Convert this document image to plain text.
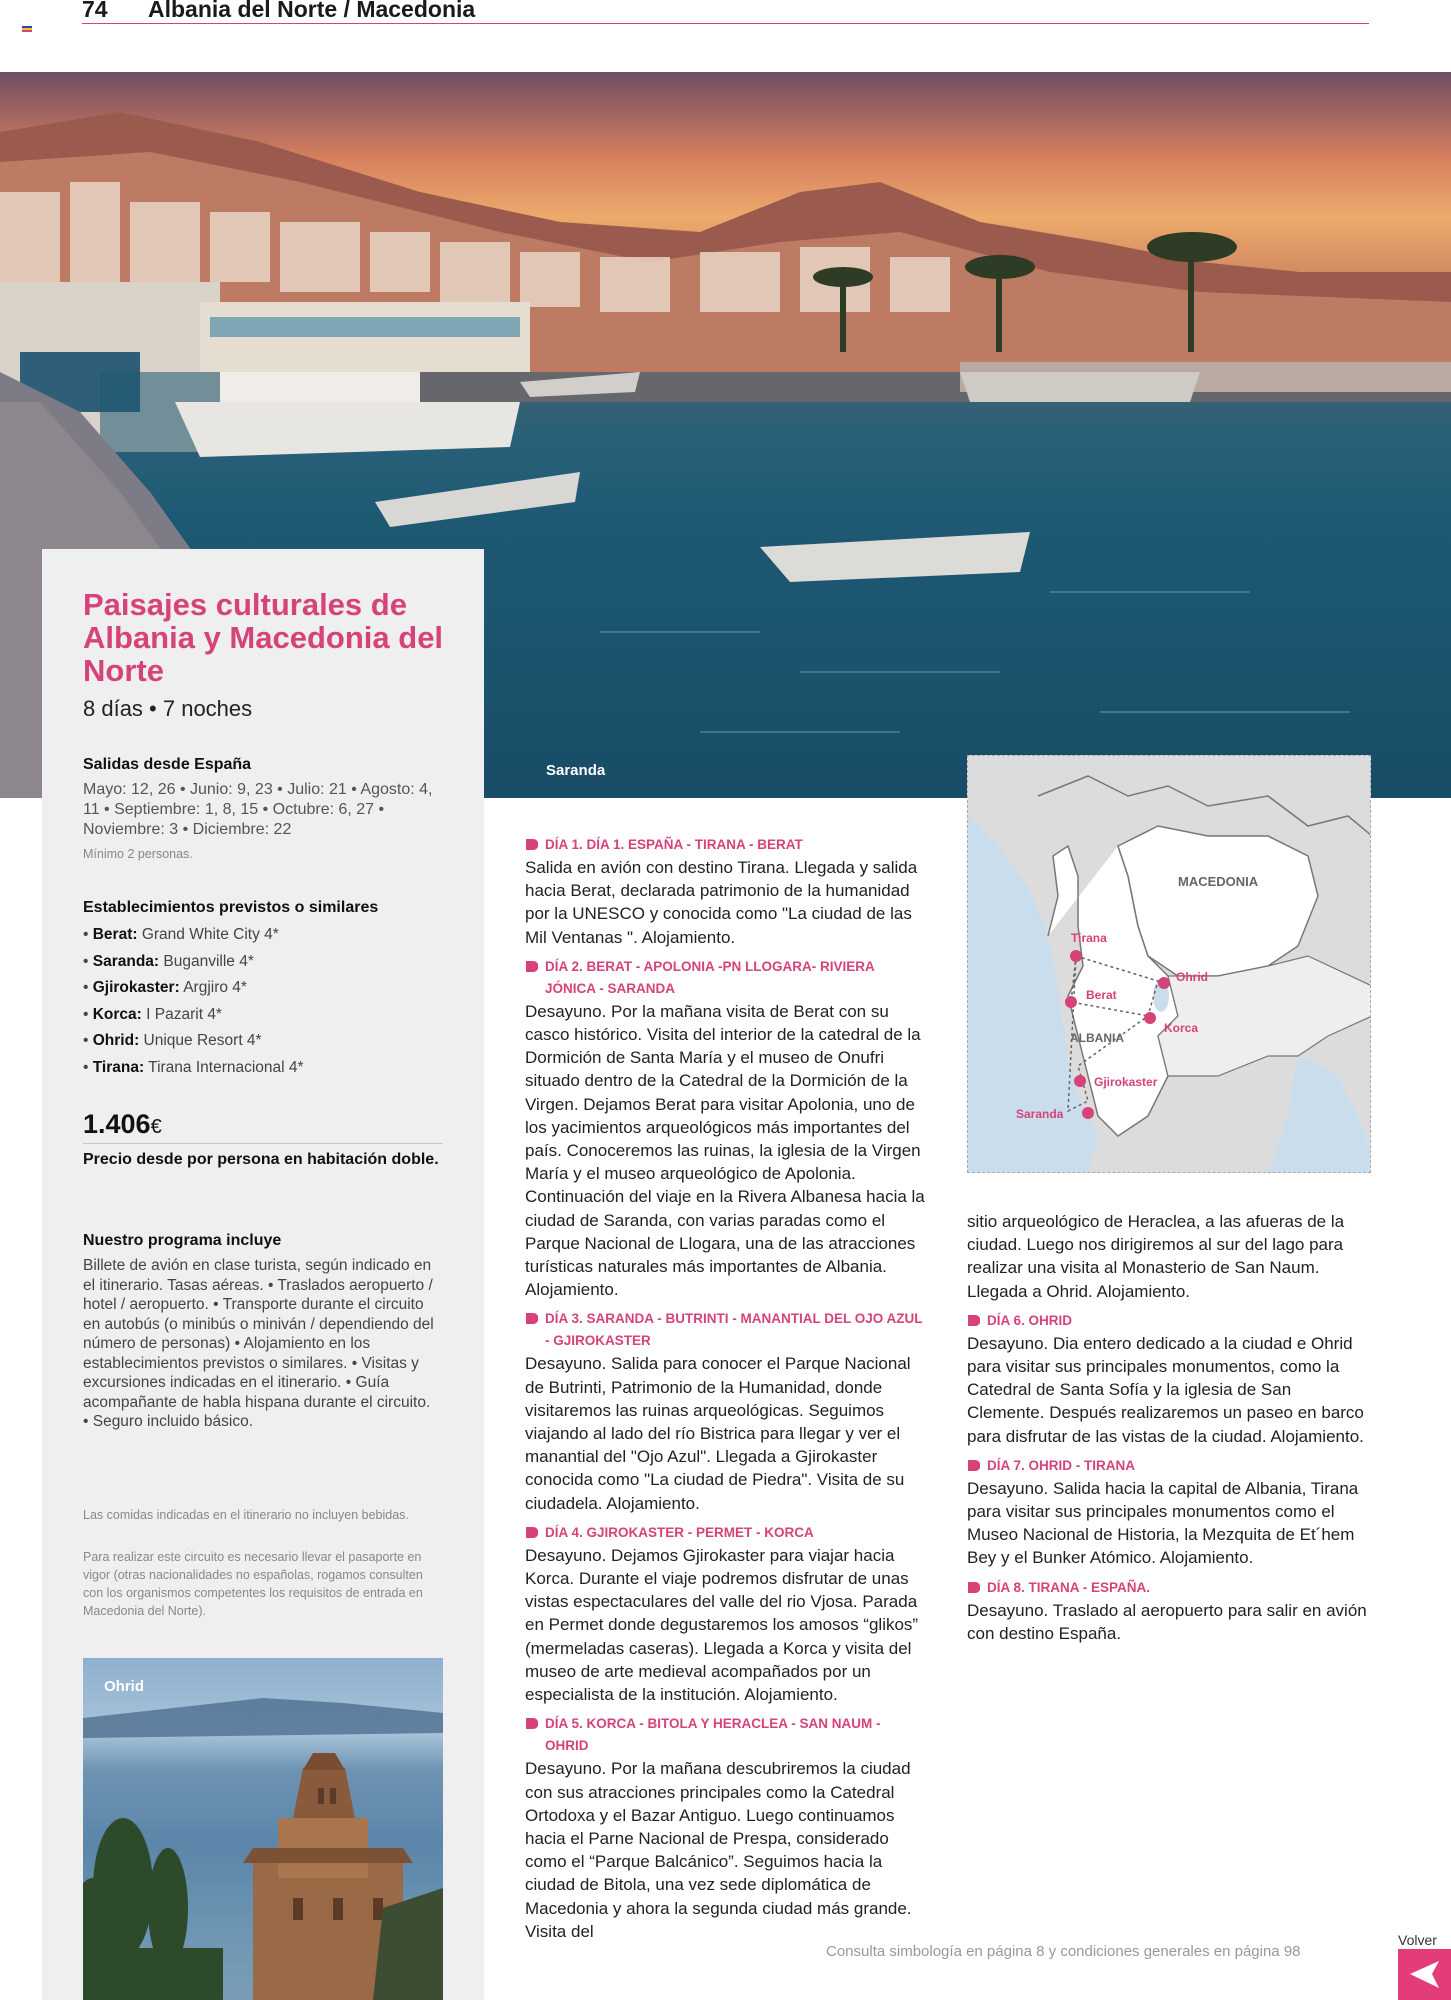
74 Albania del Norte / Macedonia
Saranda
Paisajes culturales de Albania y Macedonia del Norte
8 días • 7 noches
Salidas desde España
Mayo: 12, 26 • Junio: 9, 23 • Julio: 21 • Agosto: 4, 11 • Septiembre: 1, 8, 15 • Octubre: 6, 27 • Noviembre: 3 • Diciembre: 22
Mínimo 2 personas.
Establecimientos previstos o similares
• Berat: Grand White City 4*
• Saranda: Buganville 4*
• Gjirokaster: Argjiro 4*
• Korca: I Pazarit 4*
• Ohrid: Unique Resort 4*
• Tirana: Tirana Internacional 4*
1.406€
Precio desde por persona en habitación doble.
Nuestro programa incluye
Billete de avión en clase turista, según indicado en el itinerario. Tasas aéreas. • Traslados aeropuerto / hotel / aeropuerto. • Transporte durante el circuito en autobús (o minibús o miniván / dependiendo del número de personas) • Alojamiento en los establecimientos previstos o similares. • Visitas y excursiones indicadas en el itinerario. • Guía acompañante de habla hispana durante el circuito. • Seguro incluido básico.
Las comidas indicadas en el itinerario no incluyen bebidas.
Para realizar este circuito es necesario llevar el pasaporte en vigor (otras nacionalidades no españolas, rogamos consulten con los organismos competentes los requisitos de entrada en Macedonia del Norte).
Ohrid
DÍA 1. DÍA 1. ESPAÑA - TIRANA - BERAT
Salida en avión con destino Tirana. Llegada y salida hacia Berat, declarada patrimonio de la humanidad por la UNESCO y conocida como "La ciudad de las Mil Ventanas ". Alojamiento.
DÍA 2. BERAT - APOLONIA -PN LLOGARA- RIVIERA JÓNICA - SARANDA
Desayuno. Por la mañana visita de Berat con su casco histórico. Visita del interior de la catedral de la Dormición de Santa María y el museo de Onufri situado dentro de la Catedral de la Dormición de la Virgen. Dejamos Berat para visitar Apolonia, uno de los yacimientos arqueológicos más importantes del país. Conoceremos las ruinas, la iglesia de la Virgen María y el museo arqueológico de Apolonia. Continuación del viaje en la Rivera Albanesa hacia la ciudad de Saranda, con varias paradas como el Parque Nacional de Llogara, una de las atracciones turísticas naturales más importantes de Albania. Alojamiento.
DÍA 3. SARANDA - BUTRINTI - MANANTIAL DEL OJO AZUL - GJIROKASTER
Desayuno. Salida para conocer el Parque Nacional de Butrinti, Patrimonio de la Humanidad, donde visitaremos las ruinas arqueológicas. Seguimos viajando al lado del río Bistrica para llegar y ver el manantial del "Ojo Azul". Llegada a Gjirokaster conocida como "La ciudad de Piedra". Visita de su ciudadela. Alojamiento.
DÍA 4. GJIROKASTER - PERMET - KORCA
Desayuno. Dejamos Gjirokaster para viajar hacia Korca. Durante el viaje podremos disfrutar de unas vistas espectaculares del valle del rio Vjosa. Parada en Permet donde degustaremos los amosos “glikos” (mermeladas caseras). Llegada a Korca y visita del museo de arte medieval acompañados por un especialista de la institución. Alojamiento.
DÍA 5. KORCA - BITOLA Y HERACLEA - SAN NAUM - OHRID
Desayuno. Por la mañana descubriremos la ciudad con sus atracciones principales como la Catedral Ortodoxa y el Bazar Antiguo. Luego continuamos hacia el Parne Nacional de Prespa, considerado como el “Parque Balcánico”. Seguimos hacia la ciudad de Bitola, una vez sede diplomática de Macedonia y ahora la segunda ciudad más grande. Visita del
MACEDONIA
ALBANIA
Tirana
Ohrid
Berat
Korca
Gjirokaster
Saranda
sitio arqueológico de Heraclea, a las afueras de la ciudad. Luego nos dirigiremos al sur del lago para realizar una visita al Monasterio de San Naum. Llegada a Ohrid. Alojamiento.
DÍA 6. OHRID
Desayuno. Dia entero dedicado a la ciudad e Ohrid para visitar sus principales monumentos, como la Catedral de Santa Sofía y la iglesia de San Clemente. Después realizaremos un paseo en barco para disfrutar de las vistas de la ciudad. Alojamiento.
DÍA 7. OHRID - TIRANA
Desayuno. Salida hacia la capital de Albania, Tirana para visitar sus principales monumentos como el Museo Nacional de Historia, la Mezquita de Et´hem Bey y el Bunker Atómico. Alojamiento.
DÍA 8. TIRANA - ESPAÑA.
Desayuno. Traslado al aeropuerto para salir en avión con destino España.
Consulta simbología en página 8 y condiciones generales en página 98
Volver
